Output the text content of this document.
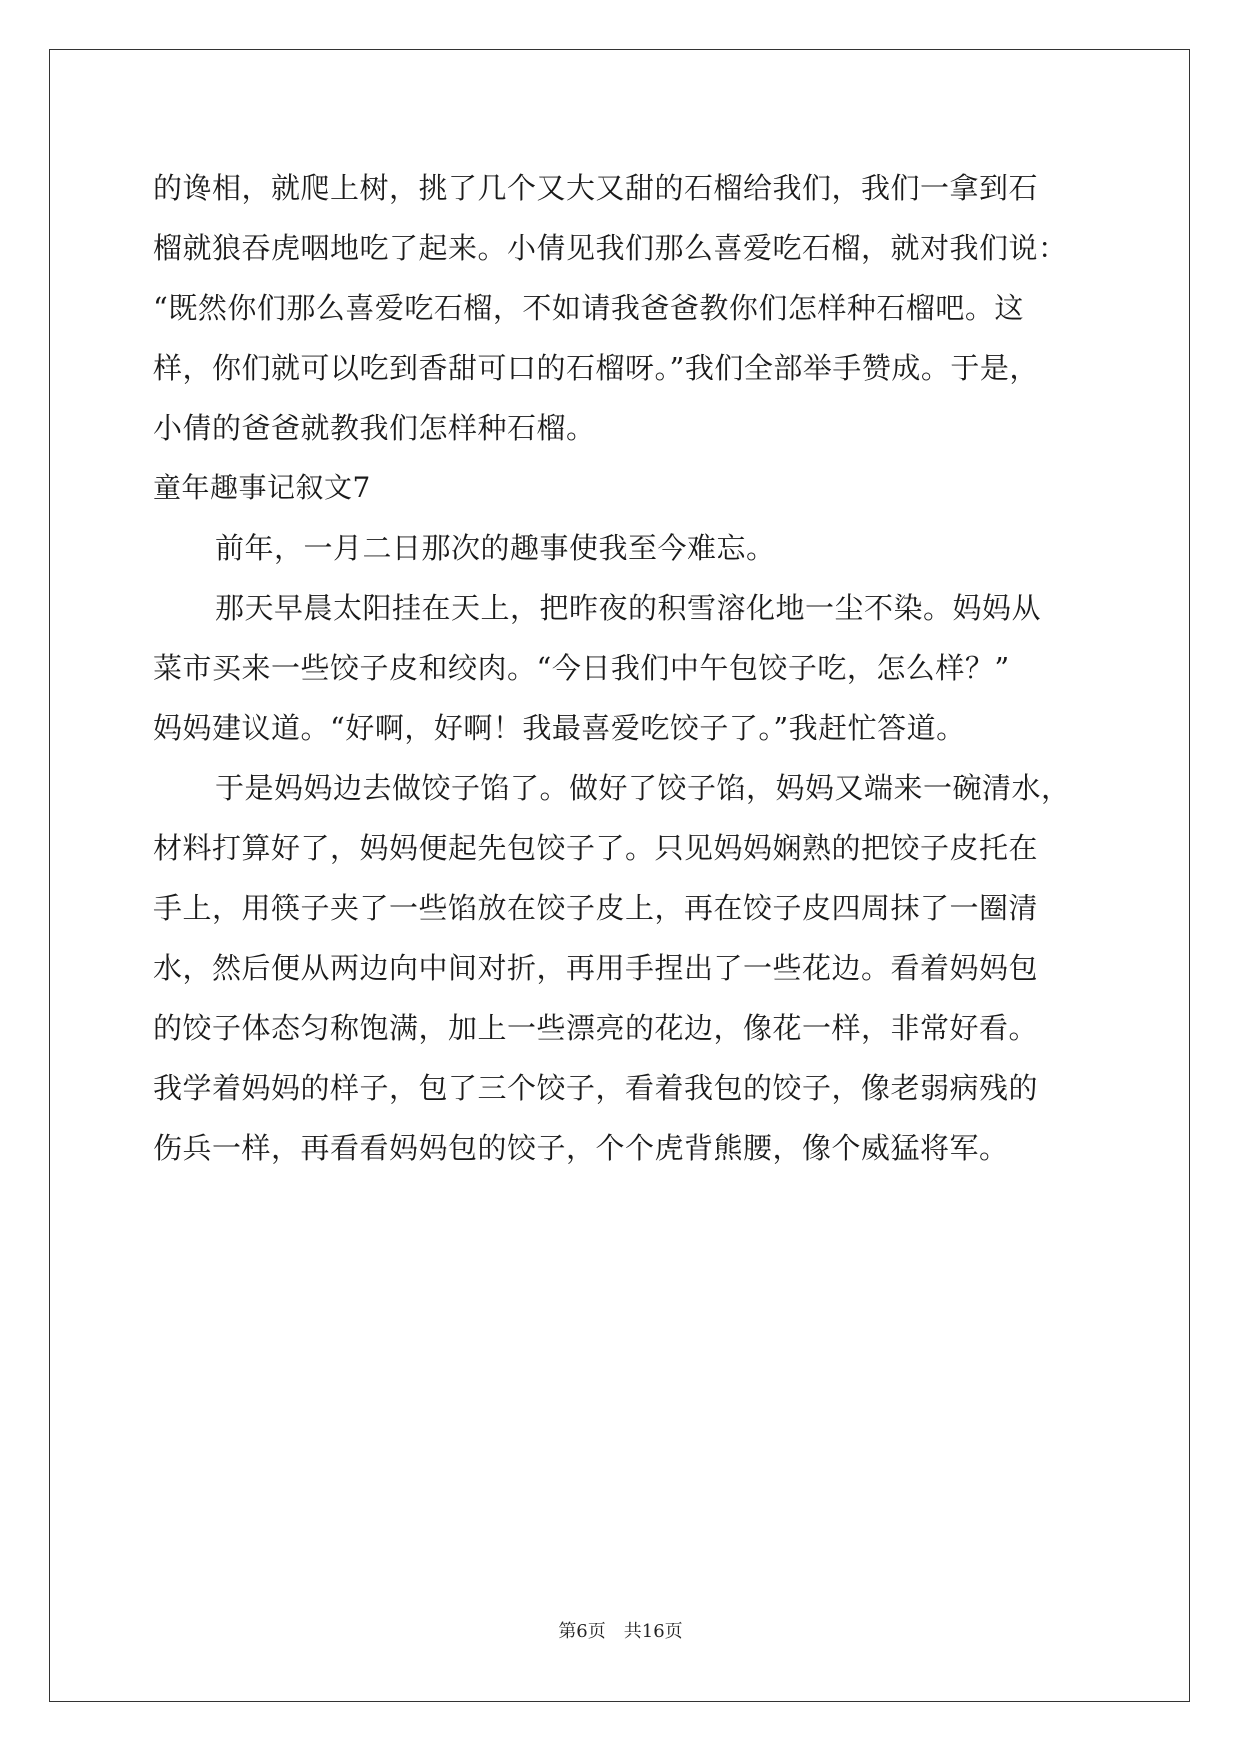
的谗相，就爬上树，挑了几个又大又甜的石榴给我们，我们一拿到石
榴就狼吞虎咽地吃了起来。小倩见我们那么喜爱吃石榴，就对我们说：
“既然你们那么喜爱吃石榴，不如请我爸爸教你们怎样种石榴吧。这
样，你们就可以吃到香甜可口的石榴呀。”我们全部举手赞成。于是，
小倩的爸爸就教我们怎样种石榴。
童年趣事记叙文7
前年，一月二日那次的趣事使我至今难忘。
那天早晨太阳挂在天上，把昨夜的积雪溶化地一尘不染。妈妈从
菜市买来一些饺子皮和绞肉。“今日我们中午包饺子吃，怎么样？”
妈妈建议道。“好啊，好啊！我最喜爱吃饺子了。”我赶忙答道。
于是妈妈边去做饺子馅了。做好了饺子馅，妈妈又端来一碗清水，
材料打算好了，妈妈便起先包饺子了。只见妈妈娴熟的把饺子皮托在
手上，用筷子夹了一些馅放在饺子皮上，再在饺子皮四周抹了一圈清
水，然后便从两边向中间对折，再用手捏出了一些花边。看着妈妈包
的饺子体态匀称饱满，加上一些漂亮的花边，像花一样，非常好看。
我学着妈妈的样子，包了三个饺子，看着我包的饺子，像老弱病残的
伤兵一样，再看看妈妈包的饺子，个个虎背熊腰，像个威猛将军。
第6页 共16页
